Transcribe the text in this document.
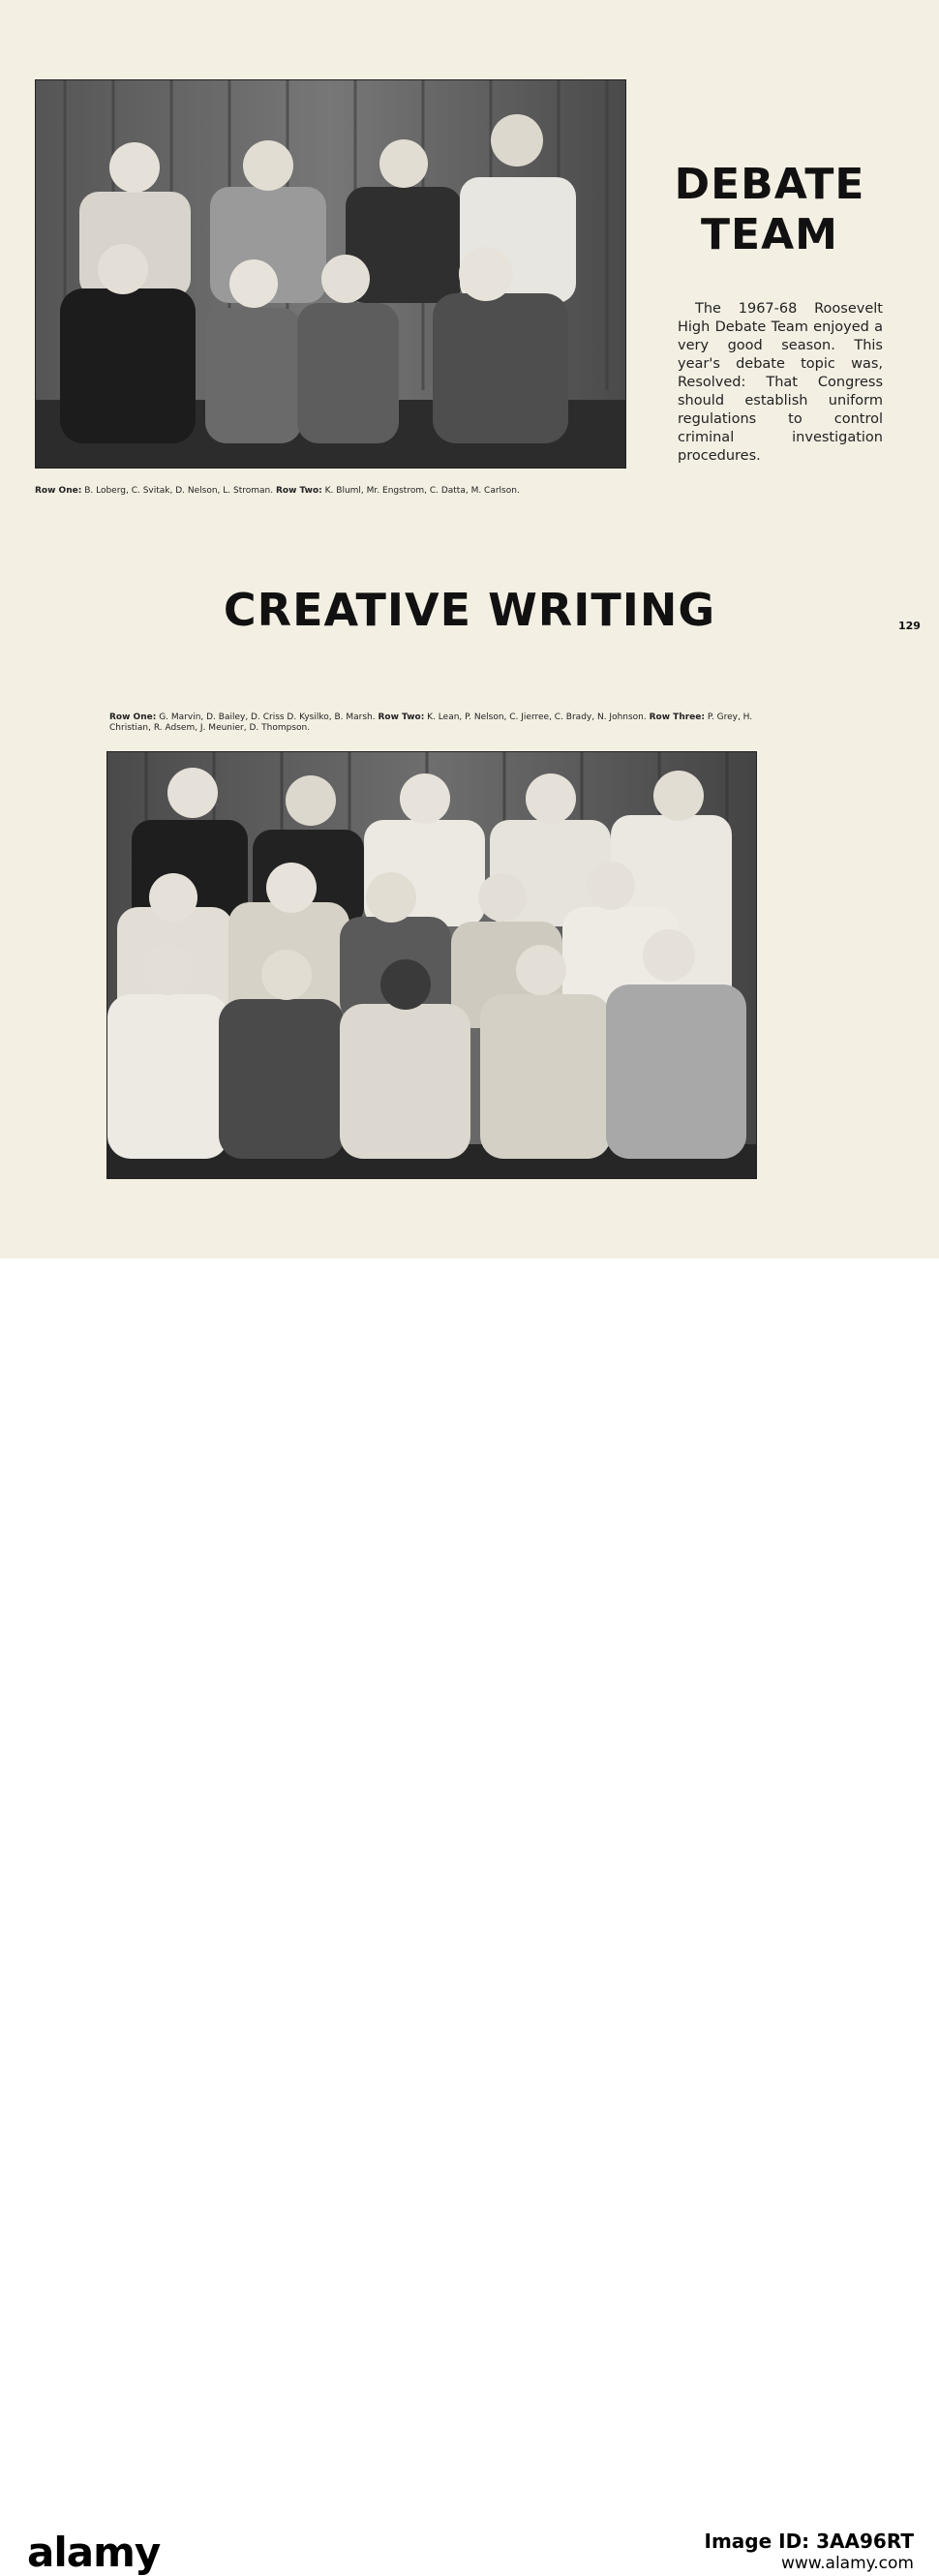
Row One: B. Loberg, C. Svitak, D. Nelson, L. Stroman. Row Two: K. Bluml, Mr. Engstrom, C. Datta, M. Carlson.
DEBATE
TEAM
The 1967-68 Roosevelt High Debate Team enjoyed a very good season. This year's debate topic was, Resolved: That Congress should establish uniform regulations to control criminal investigation procedures.
CREATIVE WRITING	129
Row One: G. Marvin, D. Bailey, D. Criss D. Kysilko, B. Marsh. Row Two: K. Lean, P. Nelson, C. Jierree, C. Brady, N. Johnson. Row Three: P. Grey, H. Christian, R. Adsem, J. Meunier, D. Thompson.
alamy	Image ID: 3AA96RT
www.alamy.com
